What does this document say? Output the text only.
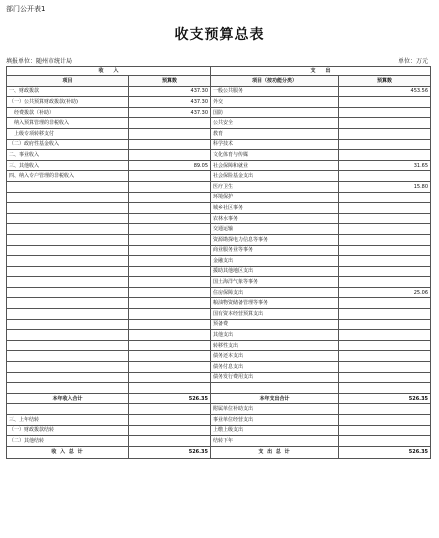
部门公开表1
收支预算总表
填报单位：随州市统计局	单位：万元
收　　入		支　　出	
项目	预算数	项目（按功能分类）	预算数
一、财政拨款	437.30	一般公共服务	453.56
（一）公共预算财政拨款(补助)	437.30	外交	
　经费拨款（补助）	437.30	国防	
　纳入预算管理的非税收入		公共安全	
　上级专项转移支付		教育	
（二）政府性基金收入		科学技术	
二、事业收入		文化体育与传媒	
三、其他收入	89.05	社会保障和就业	31.65
四、纳入专户管理的非税收入		社会保险基金支出	
		医疗卫生	15.80
		环境保护	
		城乡社区事务	
		农林水事务	
		交通运输	
		资源勘探电力信息等事务	
		商业服务业等事务	
		金融支出	
		援助其他地区支出	
		国土海洋气象等事务	
		住房保障支出	25.06
		粮油物资储备管理等事务	
		国有资本经营预算支出	
		预备费	
		其他支出	
		转移性支出	
		债务还本支出	
		债务付息支出	
		债务发行费用支出	

本年收入合计	526.35	本年支出合计	526.35
		附属单位补助支出	
三、上年结转		事业单位经营支出	
（一）财政拨款结转		上缴上级支出	
（二）其他结转		结转下年	
收 入 总 计	526.35	支 出 总 计	526.35
